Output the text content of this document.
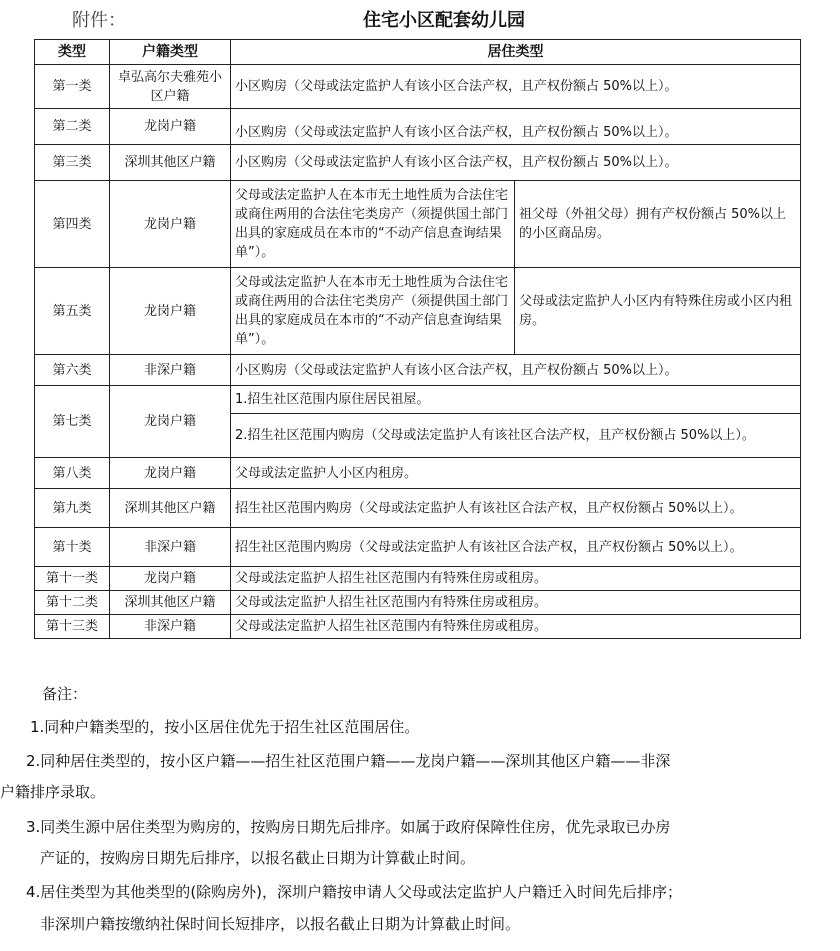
附件：	住宅小区配套幼儿园
类型	户籍类型	居住类型	
第一类	卓弘高尔夫雅苑小区户籍	小区购房（父母或法定监护人有该小区合法产权，且产权份额占 50%以上）。	
第二类	龙岗户籍	小区购房（父母或法定监护人有该小区合法产权，且产权份额占 50%以上）。	
第三类	深圳其他区户籍	小区购房（父母或法定监护人有该小区合法产权，且产权份额占 50%以上）。	
第四类	龙岗户籍	父母或法定监护人在本市无土地性质为合法住宅或商住两用的合法住宅类房产（须提供国土部门出具的家庭成员在本市的“不动产信息查询结果单”）。	祖父母（外祖父母）拥有产权份额占 50%以上的小区商品房。
第五类	龙岗户籍	父母或法定监护人在本市无土地性质为合法住宅或商住两用的合法住宅类房产（须提供国土部门出具的家庭成员在本市的“不动产信息查询结果单”）。	父母或法定监护人小区内有特殊住房或小区内租房。
第六类	非深户籍	小区购房（父母或法定监护人有该小区合法产权，且产权份额占 50%以上）。	
第七类	龙岗户籍	1.招生社区范围内原住居民祖屋。	
		2.招生社区范围内购房（父母或法定监护人有该社区合法产权，且产权份额占 50%以上）。	
第八类	龙岗户籍	父母或法定监护人小区内租房。	
第九类	深圳其他区户籍	招生社区范围内购房（父母或法定监护人有该社区合法产权，且产权份额占 50%以上）。	
第十类	非深户籍	招生社区范围内购房（父母或法定监护人有该社区合法产权，且产权份额占 50%以上）。	
第十一类	龙岗户籍	父母或法定监护人招生社区范围内有特殊住房或租房。	
第十二类	深圳其他区户籍	父母或法定监护人招生社区范围内有特殊住房或租房。	
第十三类	非深户籍	父母或法定监护人招生社区范围内有特殊住房或租房。	
备注：
1.同种户籍类型的，按小区居住优先于招生社区范围居住。
2.同种居住类型的，按小区户籍——招生社区范围户籍——龙岗户籍——深圳其他区户籍——非深
户籍排序录取。
3.同类生源中居住类型为购房的，按购房日期先后排序。如属于政府保障性住房，优先录取已办房
产证的，按购房日期先后排序，以报名截止日期为计算截止时间。
4.居住类型为其他类型的(除购房外)，深圳户籍按申请人父母或法定监护人户籍迁入时间先后排序；
非深圳户籍按缴纳社保时间长短排序，以报名截止日期为计算截止时间。
